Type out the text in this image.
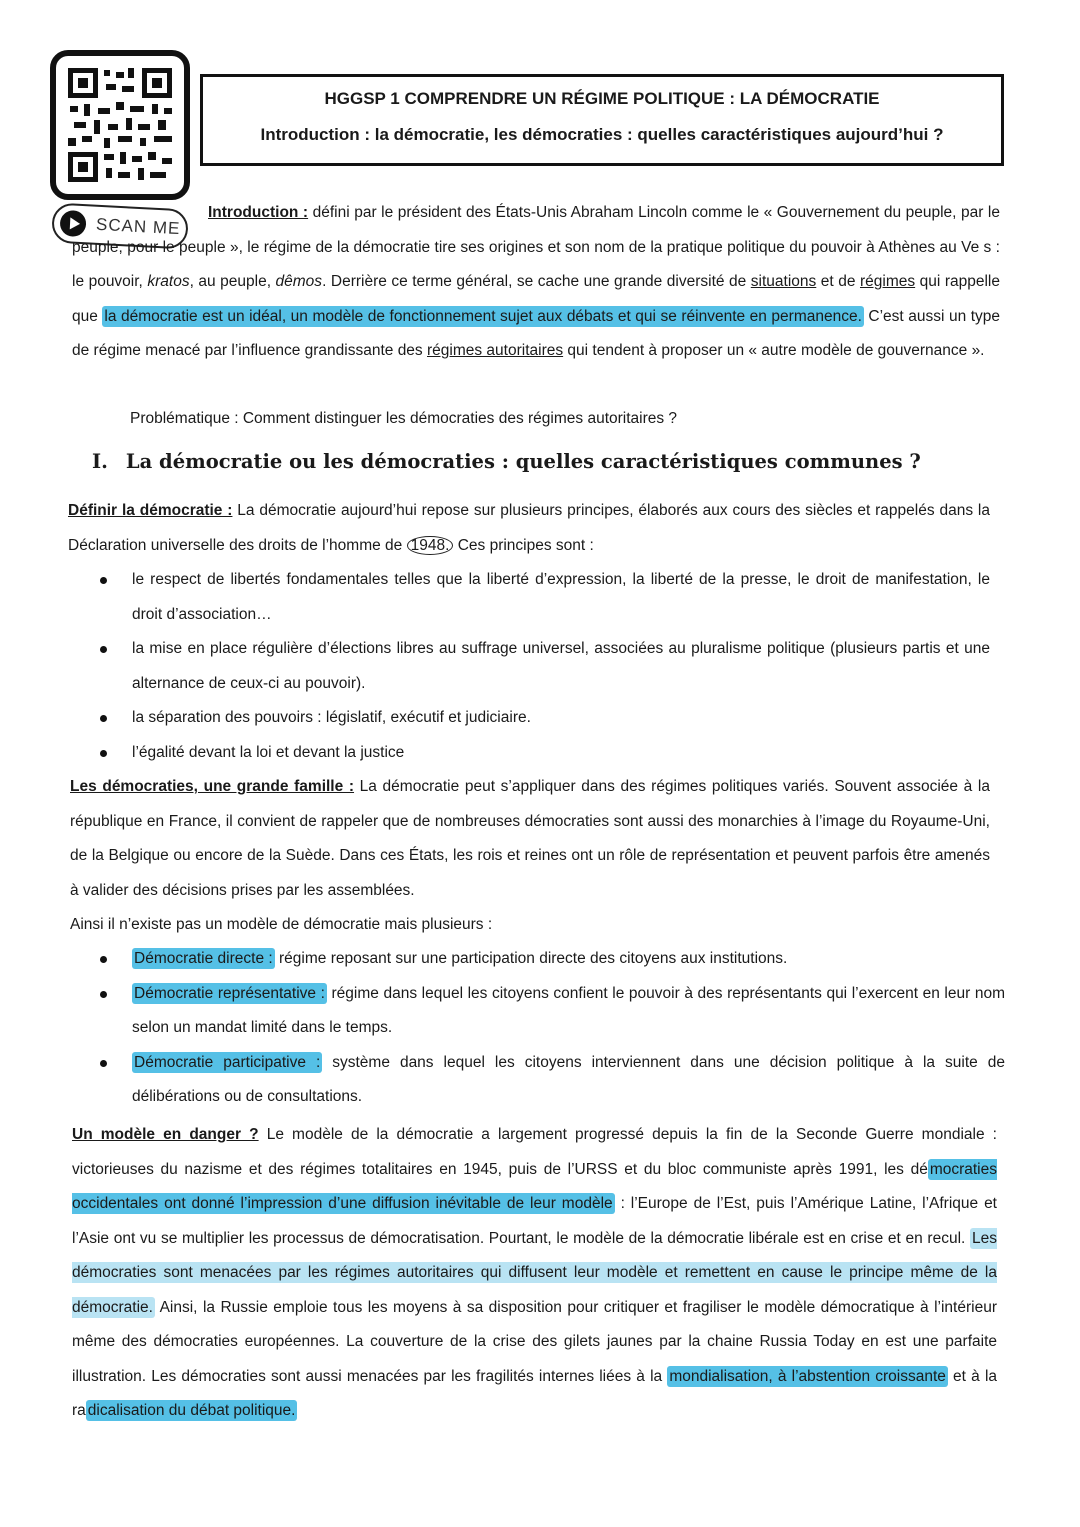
SCAN ME
HGGSP 1 COMPRENDRE UN RÉGIME POLITIQUE : LA DÉMOCRATIE
Introduction : la démocratie, les démocraties : quelles caractéristiques aujourd’hui ?
Introduction : défini par le président des États-Unis Abraham Lincoln comme le « Gouvernement du peuple, par le peuple, pour le peuple », le régime de la démocratie tire ses origines et son nom de la pratique politique du pouvoir à Athènes au Ve s : le pouvoir, kratos, au peuple, dêmos. Derrière ce terme général, se cache une grande diversité de situations et de régimes qui rappelle que la démocratie est un idéal, un modèle de fonctionnement sujet aux débats et qui se réinvente en permanence. C’est aussi un type de régime menacé par l’influence grandissante des régimes autoritaires qui tendent à proposer un « autre modèle de gouvernance ».
Problématique : Comment distinguer les démocraties des régimes autoritaires ?
I. La démocratie ou les démocraties : quelles caractéristiques communes ?
Définir la démocratie : La démocratie aujourd’hui repose sur plusieurs principes, élaborés aux cours des siècles et rappelés dans la Déclaration universelle des droits de l’homme de 1948. Ces principes sont :
le respect de libertés fondamentales telles que la liberté d’expression, la liberté de la presse, le droit de manifestation, le droit d’association…
la mise en place régulière d’élections libres au suffrage universel, associées au pluralisme politique (plusieurs partis et une alternance de ceux-ci au pouvoir).
la séparation des pouvoirs : législatif, exécutif et judiciaire.
l’égalité devant la loi et devant la justice
Les démocraties, une grande famille : La démocratie peut s’appliquer dans des régimes politiques variés. Souvent associée à la république en France, il convient de rappeler que de nombreuses démocraties sont aussi des monarchies à l’image du Royaume-Uni, de la Belgique ou encore de la Suède. Dans ces États, les rois et reines ont un rôle de représentation et peuvent parfois être amenés à valider des décisions prises par les assemblées.
Ainsi il n’existe pas un modèle de démocratie mais plusieurs :
Démocratie directe : régime reposant sur une participation directe des citoyens aux institutions.
Démocratie représentative : régime dans lequel les citoyens confient le pouvoir à des représentants qui l’exercent en leur nom selon un mandat limité dans le temps.
Démocratie participative : système dans lequel les citoyens interviennent dans une décision politique à la suite de délibérations ou de consultations.
Un modèle en danger ? Le modèle de la démocratie a largement progressé depuis la fin de la Seconde Guerre mondiale : victorieuses du nazisme et des régimes totalitaires en 1945, puis de l’URSS et du bloc communiste après 1991, les dé mocraties occidentales ont donné l’impression d’une diffusion inévitable de leur modèle : l’Europe de l’Est, puis l’Amérique Latine, l’Afrique et l’Asie ont vu se multiplier les processus de démocratisation. Pourtant, le modèle de la démocratie libérale est en crise et en recul. Les démocraties sont menacées par les régimes autoritaires qui diffusent leur modèle et remettent en cause le principe même de la démocratie. Ainsi, la Russie emploie tous les moyens à sa disposition pour critiquer et fragiliser le modèle démocratique à l’intérieur même des démocraties européennes. La couverture de la crise des gilets jaunes par la chaine Russia Today en est une parfaite illustration. Les démocraties sont aussi menacées par les fragilités internes liées à la mondialisation, à l’abstention croissante et à la ra dicalisation du débat politique.
